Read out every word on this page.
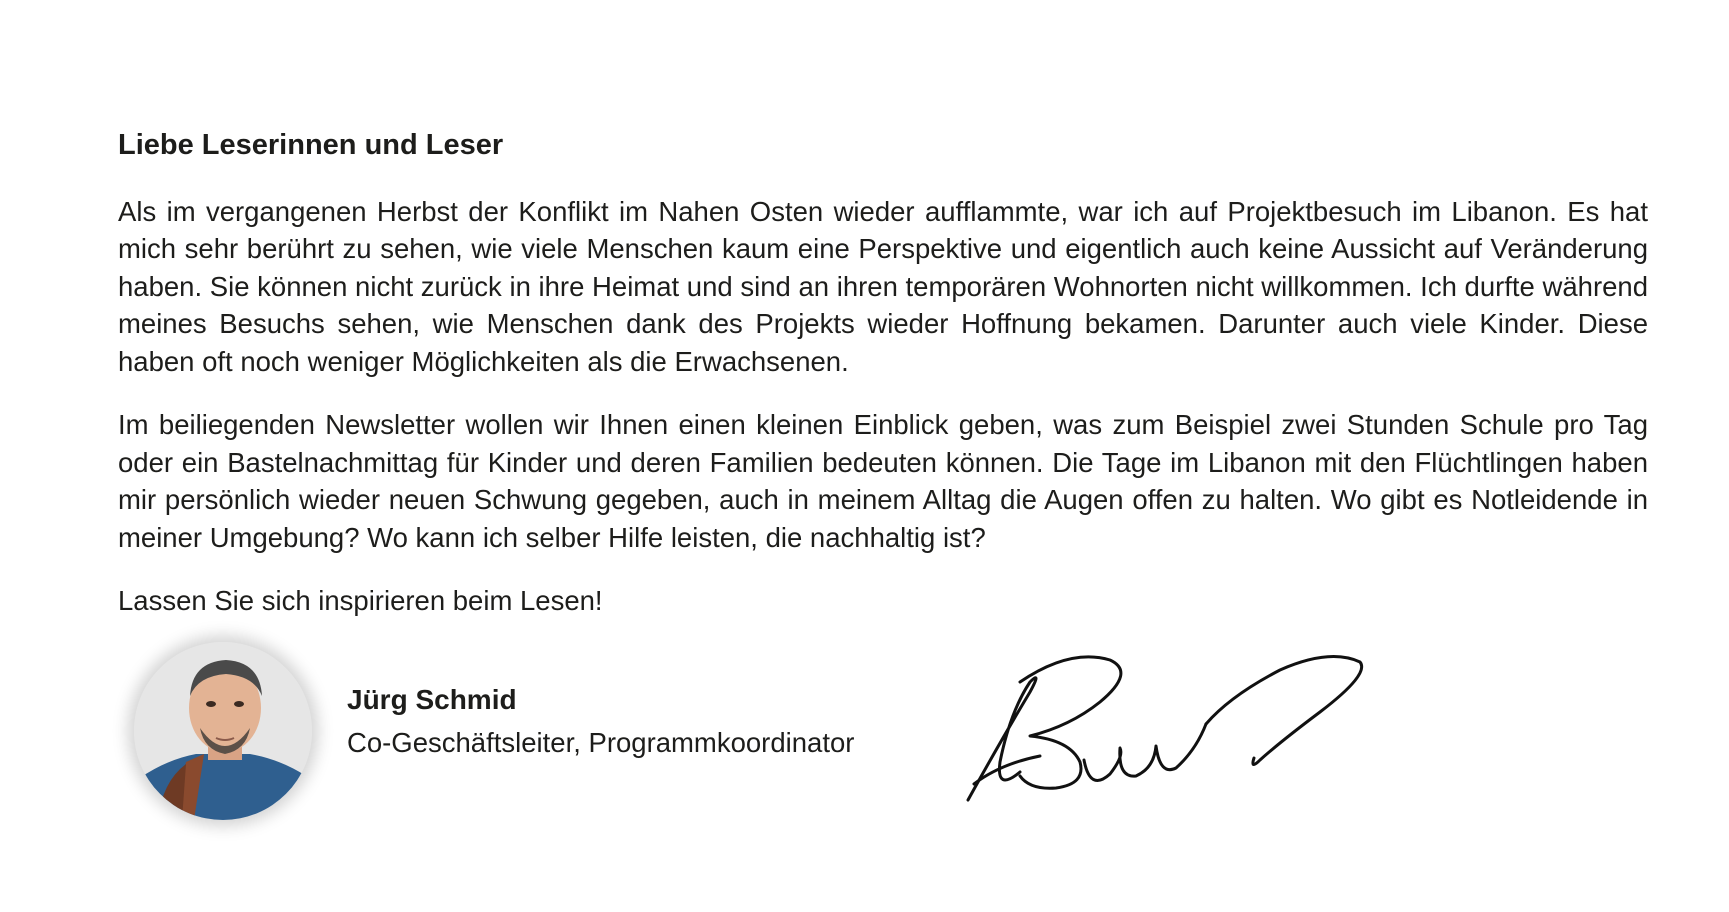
Liebe Leserinnen und Leser

Als im vergangenen Herbst der Konflikt im Nahen Osten wieder aufflammte, war ich auf Projektbesuch im Libanon. Es hat mich sehr berührt zu sehen, wie viele Menschen kaum eine Perspektive und eigentlich auch keine Aussicht auf Veränderung haben. Sie können nicht zurück in ihre Heimat und sind an ihren temporären Wohnorten nicht willkommen. Ich durfte während meines Besuchs sehen, wie Menschen dank des Projekts wieder Hoffnung bekamen. Darunter auch viele Kinder. Diese haben oft noch weniger Möglichkeiten als die Erwachsenen.

Im beiliegenden Newsletter wollen wir Ihnen einen kleinen Einblick geben, was zum Beispiel zwei Stunden Schule pro Tag oder ein Bastelnachmittag für Kinder und deren Familien bedeuten können. Die Tage im Libanon mit den Flüchtlingen haben mir persönlich wieder neuen Schwung gegeben, auch in meinem Alltag die Augen offen zu halten. Wo gibt es Notleidende in meiner Umgebung? Wo kann ich selber Hilfe leisten, die nachhaltig ist?

Lassen Sie sich inspirieren beim Lesen!

Jürg Schmid
Co-Geschäftsleiter, Programmkoordinator
